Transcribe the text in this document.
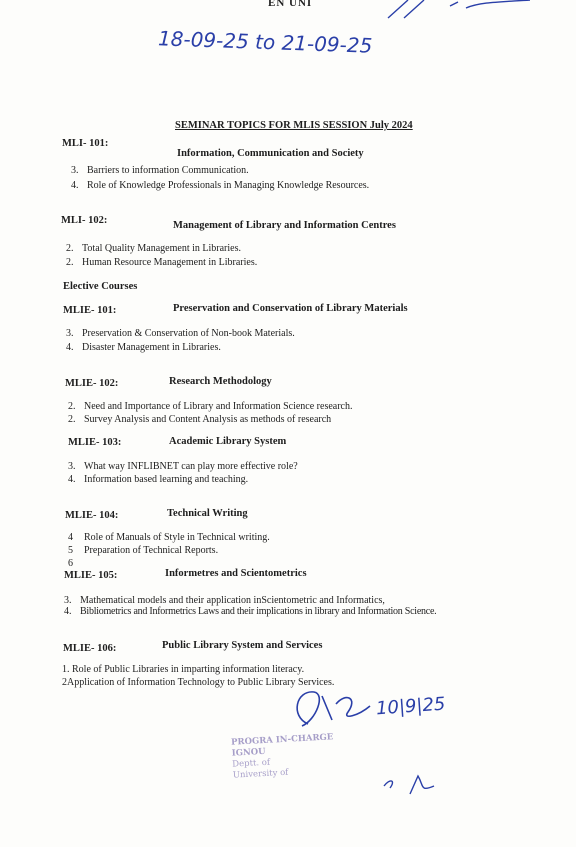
EN UNI
18-09-25 to 21-09-25
SEMINAR TOPICS FOR MLIS SESSION July 2024
MLI- 101:
Information, Communication and Society
3. Barriers to information Communication.
4. Role of Knowledge Professionals in Managing Knowledge Resources.
MLI- 102:	Management of Library and Information Centres
2. Total Quality Management in Libraries.
2. Human Resource Management in Libraries.
Elective Courses
MLIE- 101:	Preservation and Conservation of Library Materials
3. Preservation & Conservation of Non-book Materials.
4. Disaster Management in Libraries.
MLIE- 102:	Research Methodology
2. Need and Importance of Library and Information Science research.
2. Survey Analysis and Content Analysis as methods of research
MLIE- 103:	Academic Library System
3. What way INFLIBNET can play more effective role?
4. Information based learning and teaching.
MLIE- 104:	Technical Writing
4 Role of Manuals of Style in Technical writing.
5 Preparation of Technical Reports.
6
MLIE- 105:	Informetres and Scientometrics
3. Mathematical models and their application inScientometric and Informatics,
4. Bibliometrics and Informetrics Laws and their implications in library and Information Science.
MLIE- 106:	Public Library System and Services
1. Role of Public Libraries in imparting information literacy.
2Application of Information Technology to Public Library Services.
10|9|25
PROGRA IN-CHARGE
IGNOU
Deptt. of
University of
